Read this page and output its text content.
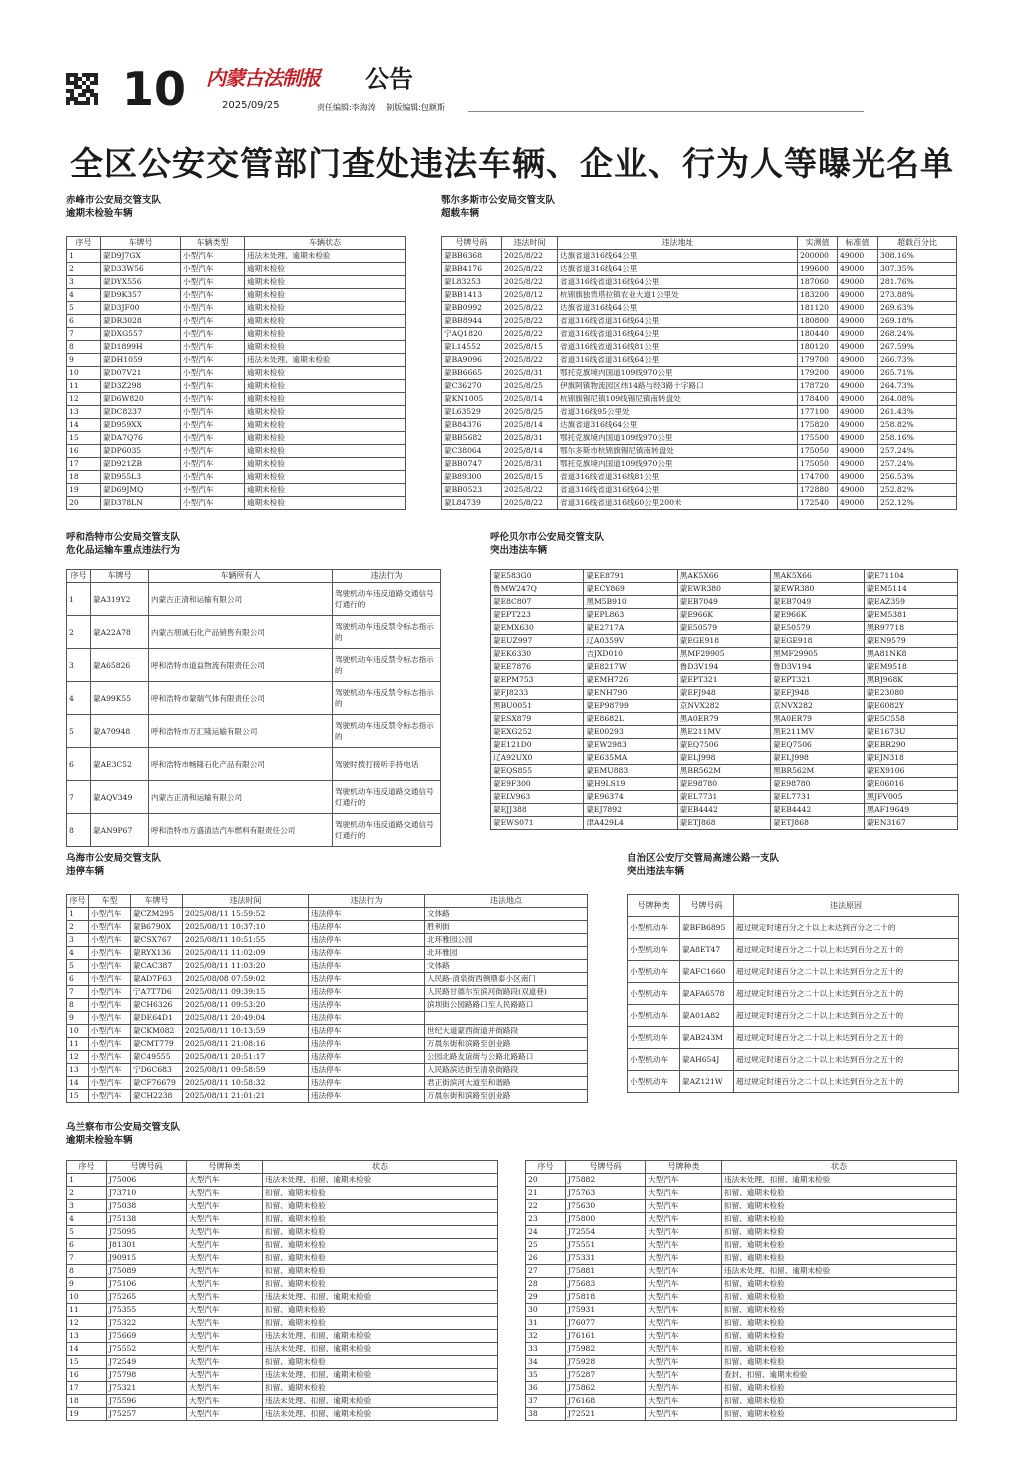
10 内蒙古法制报
2025/09/25
公告
责任编辑:李海涛 制版编辑:包额斯
全区公安交管部门查处违法车辆、企业、行为人等曝光名单
赤峰市公安局交管支队
逾期未检验车辆
序号	车牌号	车辆类型	车辆状态
1	蒙D9J7GX	小型汽车	违法未处理、逾期未检验
2	蒙D33W56	小型汽车	逾期未检验
3	蒙DYX556	小型汽车	逾期未检验
4	蒙D9K357	小型汽车	逾期未检验
5	蒙D3JF00	小型汽车	逾期未检验
6	蒙DR3028	小型汽车	逾期未检验
7	蒙DXG557	小型汽车	逾期未检验
8	蒙D1899H	小型汽车	逾期未检验
9	蒙DH1059	小型汽车	违法未处理、逾期未检验
10	蒙D07V21	小型汽车	逾期未检验
11	蒙D3Z298	小型汽车	逾期未检验
12	蒙D6W820	小型汽车	逾期未检验
13	蒙DC8237	小型汽车	逾期未检验
14	蒙D959XX	小型汽车	逾期未检验
15	蒙DA7Q76	小型汽车	逾期未检验
16	蒙DP6035	小型汽车	逾期未检验
17	蒙D921ZB	小型汽车	逾期未检验
18	蒙D955L3	小型汽车	逾期未检验
19	蒙D69JMQ	小型汽车	逾期未检验
20	蒙D378LN	小型汽车	逾期未检验
鄂尔多斯市公安局交管支队
超载车辆
号牌号码	违法时间	违法地址	实测值	标准值	超载百分比
蒙BB6368	2025/8/22	达旗省道316线64公里	200000	49000	308.16%
蒙BB4176	2025/8/22	达旗省道316线64公里	199600	49000	307.35%
蒙L83253	2025/8/22	省道316线省道316线64公里	187060	49000	281.76%
蒙BB1413	2025/8/12	杭锦旗独贵塔拉镇农业大道1公里处	183200	49000	273.88%
蒙BB0992	2025/8/22	达旗省道316线64公里	181120	49000	269.63%
蒙BB8944	2025/8/22	省道316线省道316线64公里	180800	49000	269.18%
宁AQ1820	2025/8/22	省道316线省道316线64公里	180440	49000	268.24%
蒙L14552	2025/8/15	省道316线省道316线81公里	180120	49000	267.59%
蒙BA9096	2025/8/22	省道316线省道316线64公里	179700	49000	266.73%
蒙BB6665	2025/8/31	鄂托克旗境内国道109线970公里	179200	49000	265.71%
蒙C36270	2025/8/25	伊旗阿镇物流园区纬14路与经3路十字路口	178720	49000	264.73%
蒙KN1005	2025/8/14	杭锦旗锡尼镇109线锡尼镇南转盘处	178400	49000	264.08%
蒙L63529	2025/8/25	省道316线95公里处	177100	49000	261.43%
蒙B84376	2025/8/14	达旗省道316线64公里	175820	49000	258.82%
蒙BB5682	2025/8/31	鄂托克旗境内国道109线970公里	175500	49000	258.16%
蒙C38064	2025/8/14	鄂尔多斯市杭锦旗锡尼镇南转盘处	175050	49000	257.24%
蒙BB0747	2025/8/31	鄂托克旗境内国道109线970公里	175050	49000	257.24%
蒙B89300	2025/8/15	省道316线省道316线81公里	174700	49000	256.53%
蒙BB0523	2025/8/22	省道316线省道316线64公里	172880	49000	252.82%
蒙L84739	2025/8/22	省道316线省道316线60公里200米	172540	49000	252.12%
呼和浩特市公安局交管支队
危化品运输车重点违法行为
序号	车牌号	车辆所有人	违法行为
1	蒙A319Y2	内蒙古正清和运输有限公司	驾驶机动车违反道路交通信号灯通行的
2	蒙A22A78	内蒙古朋诚石化产品销售有限公司	驾驶机动车违反禁令标志指示的
3	蒙A65826	呼和浩特市道益物流有限责任公司	驾驶机动车违反禁令标志指示的
4	蒙A99K55	呼和浩特市蒙瑞气体有限责任公司	驾驶机动车违反禁令标志指示的
5	蒙A70948	呼和浩特市万汇隆运输有限公司	驾驶机动车违反禁令标志指示的
6	蒙AE3C52	呼和浩特市畅隆石化产品有限公司	驾驶时拨打接听手持电话
7	蒙AQV349	内蒙古正清和运输有限公司	驾驶机动车违反道路交通信号灯通行的
8	蒙AN9P67	呼和浩特市万盛清洁汽车燃料有限责任公司	驾驶机动车违反道路交通信号灯通行的
呼伦贝尔市公安局交管支队
突出违法车辆
蒙E583G0	蒙EE8791	黑AK5X66	黑AK5X66	蒙E71104
鲁MW247Q	蒙ECY869	蒙EWR380	蒙EWR380	蒙EM5114
蒙E8C807	黑M5B910	蒙EB7049	蒙EB7049	蒙EAZ359
蒙EPT223	蒙EPL863	蒙E966K	蒙E966K	蒙EM5381
蒙EMX630	蒙E2717A	蒙E50579	蒙E50579	黑R97718
蒙EUZ997	辽A0359V	蒙EGE918	蒙EGE918	蒙EN9579
蒙EK6330	吉JXD010	黑MF29905	黑MF29905	黑A81NK8
蒙EE7876	蒙E8217W	鲁D3V194	鲁D3V194	蒙EM9518
蒙EPM753	蒙EMH726	蒙EPT321	蒙EPT321	黑BJ968K
蒙FJ8233	蒙ENH790	蒙EFJ948	蒙EFJ948	蒙E23080
黑BU0051	蒙EP98799	京NVX282	京NVX282	蒙E6082Y
蒙ESX879	蒙E8682L	黑A0ER79	黑A0ER79	蒙E5C558
蒙EXG252	蒙E00293	黑E211MV	黑E211MV	蒙E1673U
蒙E121D0	蒙EW2983	蒙EQ7506	蒙EQ7506	蒙EBR290
辽A92UX0	蒙E635MA	蒙ELJ998	蒙ELJ998	蒙EJN318
蒙EQS855	蒙EMU883	黑BR562M	黑BR562M	蒙EX9106
蒙E9F300	蒙H9LS19	蒙E98780	蒙E98780	蒙E06016
蒙ELV963	蒙E96374	蒙EL7731	蒙EL7731	黑JFV005
蒙EJJ388	蒙EJ7892	蒙EB4442	蒙EB4442	黑AF19649
蒙EWS071	津A429L4	蒙ETJ868	蒙ETJ868	蒙EN3167
乌海市公安局交管支队
违停车辆
序号	车型	车牌号	违法时间	违法行为	违法地点
1	小型汽车	蒙CZM295	2025/08/11 15:59:52	违法停车	文体路
2	小型汽车	蒙B6790X	2025/08/11 10:37:10	违法停车	胜利街
3	小型汽车	蒙CSX767	2025/08/11 10:51:55	违法停车	北环雅园公园
4	小型汽车	蒙RYX136	2025/08/11 11:02:09	违法停车	北环雅园
5	小型汽车	蒙CAC387	2025/08/11 11:03:20	违法停车	文体路
6	小型汽车	蒙AD7F63	2025/08/08 07:59:02	违法停车	人民路-清泉街西侧鼎泰小区南门
7	小型汽车	宁A7T7D6	2025/08/11 09:39:15	违法停车	人民路甘德尔至滨河街路段(双道巷)
8	小型汽车	蒙CH6326	2025/08/11 09:53:20	违法停车	滨坝街公园路路口至人民路路口
9	小型汽车	蒙DE64D1	2025/08/11 20:49:04	违法停车	
10	小型汽车	蒙CKM082	2025/08/11 10:13:59	违法停车	世纪大道蒙西街道并街路段
11	小型汽车	蒙CMT779	2025/08/11 21:08:16	违法停车	万晨东街和滨路至创业路
12	小型汽车	蒙C49555	2025/08/11 20:51:17	违法停车	公园北路友谊街与公路北路路口
13	小型汽车	宁D6C683	2025/08/11 09:58:59	违法停车	人民路滨达街至清泉街路段
14	小型汽车	蒙CF76679	2025/08/11 10:58:32	违法停车	君正街滨河大道至和谐路
15	小型汽车	蒙CH2238	2025/08/11 21:01:21	违法停车	万晨东街和滨路至创业路
自治区公安厅交管局高速公路一支队
突出违法车辆
号牌种类	号牌号码	违法原因
小型机动车	蒙BFB6895	超过规定时速百分之十以上未达到百分之二十的
小型机动车	蒙A8ET47	超过规定时速百分之二十以上未达到百分之五十的
小型机动车	蒙AFC1660	超过规定时速百分之二十以上未达到百分之五十的
小型机动车	蒙AFA6578	超过规定时速百分之二十以上未达到百分之五十的
小型机动车	蒙A01A82	超过规定时速百分之二十以上未达到百分之五十的
小型机动车	蒙AB243M	超过规定时速百分之二十以上未达到百分之五十的
小型机动车	蒙AH654J	超过规定时速百分之二十以上未达到百分之五十的
小型机动车	蒙AZ121W	超过规定时速百分之二十以上未达到百分之五十的
乌兰察布市公安局交管支队
逾期未检验车辆
序号	号牌号码	号牌种类	状态
1	J75006	大型汽车	违法未处理、扣留、逾期未检验
2	J73710	大型汽车	扣留、逾期未检验
3	J75038	大型汽车	扣留、逾期未检验
4	J75138	大型汽车	扣留、逾期未检验
5	J75095	大型汽车	扣留、逾期未检验
6	J81301	大型汽车	扣留、逾期未检验
7	J90915	大型汽车	扣留、逾期未检验
8	J75089	大型汽车	扣留、逾期未检验
9	J75106	大型汽车	扣留、逾期未检验
10	J75265	大型汽车	违法未处理、扣留、逾期未检验
11	J75355	大型汽车	扣留、逾期未检验
12	J75322	大型汽车	扣留、逾期未检验
13	J75669	大型汽车	违法未处理、扣留、逾期未检验
14	J75552	大型汽车	违法未处理、扣留、逾期未检验
15	J72549	大型汽车	扣留、逾期未检验
16	J75798	大型汽车	违法未处理、扣留、逾期未检验
17	J75321	大型汽车	扣留、逾期未检验
18	J75596	大型汽车	违法未处理、扣留、逾期未检验
19	J75257	大型汽车	违法未处理、扣留、逾期未检验
序号	号牌号码	号牌种类	状态
20	J75882	大型汽车	违法未处理、扣留、逾期未检验
21	J75763	大型汽车	扣留、逾期未检验
22	J75630	大型汽车	扣留、逾期未检验
23	J75800	大型汽车	扣留、逾期未检验
24	J72554	大型汽车	扣留、逾期未检验
25	J75551	大型汽车	扣留、逾期未检验
26	J75331	大型汽车	扣留、逾期未检验
27	J75881	大型汽车	违法未处理、扣留、逾期未检验
28	J75683	大型汽车	扣留、逾期未检验
29	J75818	大型汽车	扣留、逾期未检验
30	J75931	大型汽车	扣留、逾期未检验
31	J76077	大型汽车	扣留、逾期未检验
32	J76161	大型汽车	扣留、逾期未检验
33	J75982	大型汽车	扣留、逾期未检验
34	J75928	大型汽车	扣留、逾期未检验
35	J75287	大型汽车	查封、扣留、逾期未检验
36	J75862	大型汽车	扣留、逾期未检验
37	J76168	大型汽车	扣留、逾期未检验
38	J72521	大型汽车	扣留、逾期未检验
